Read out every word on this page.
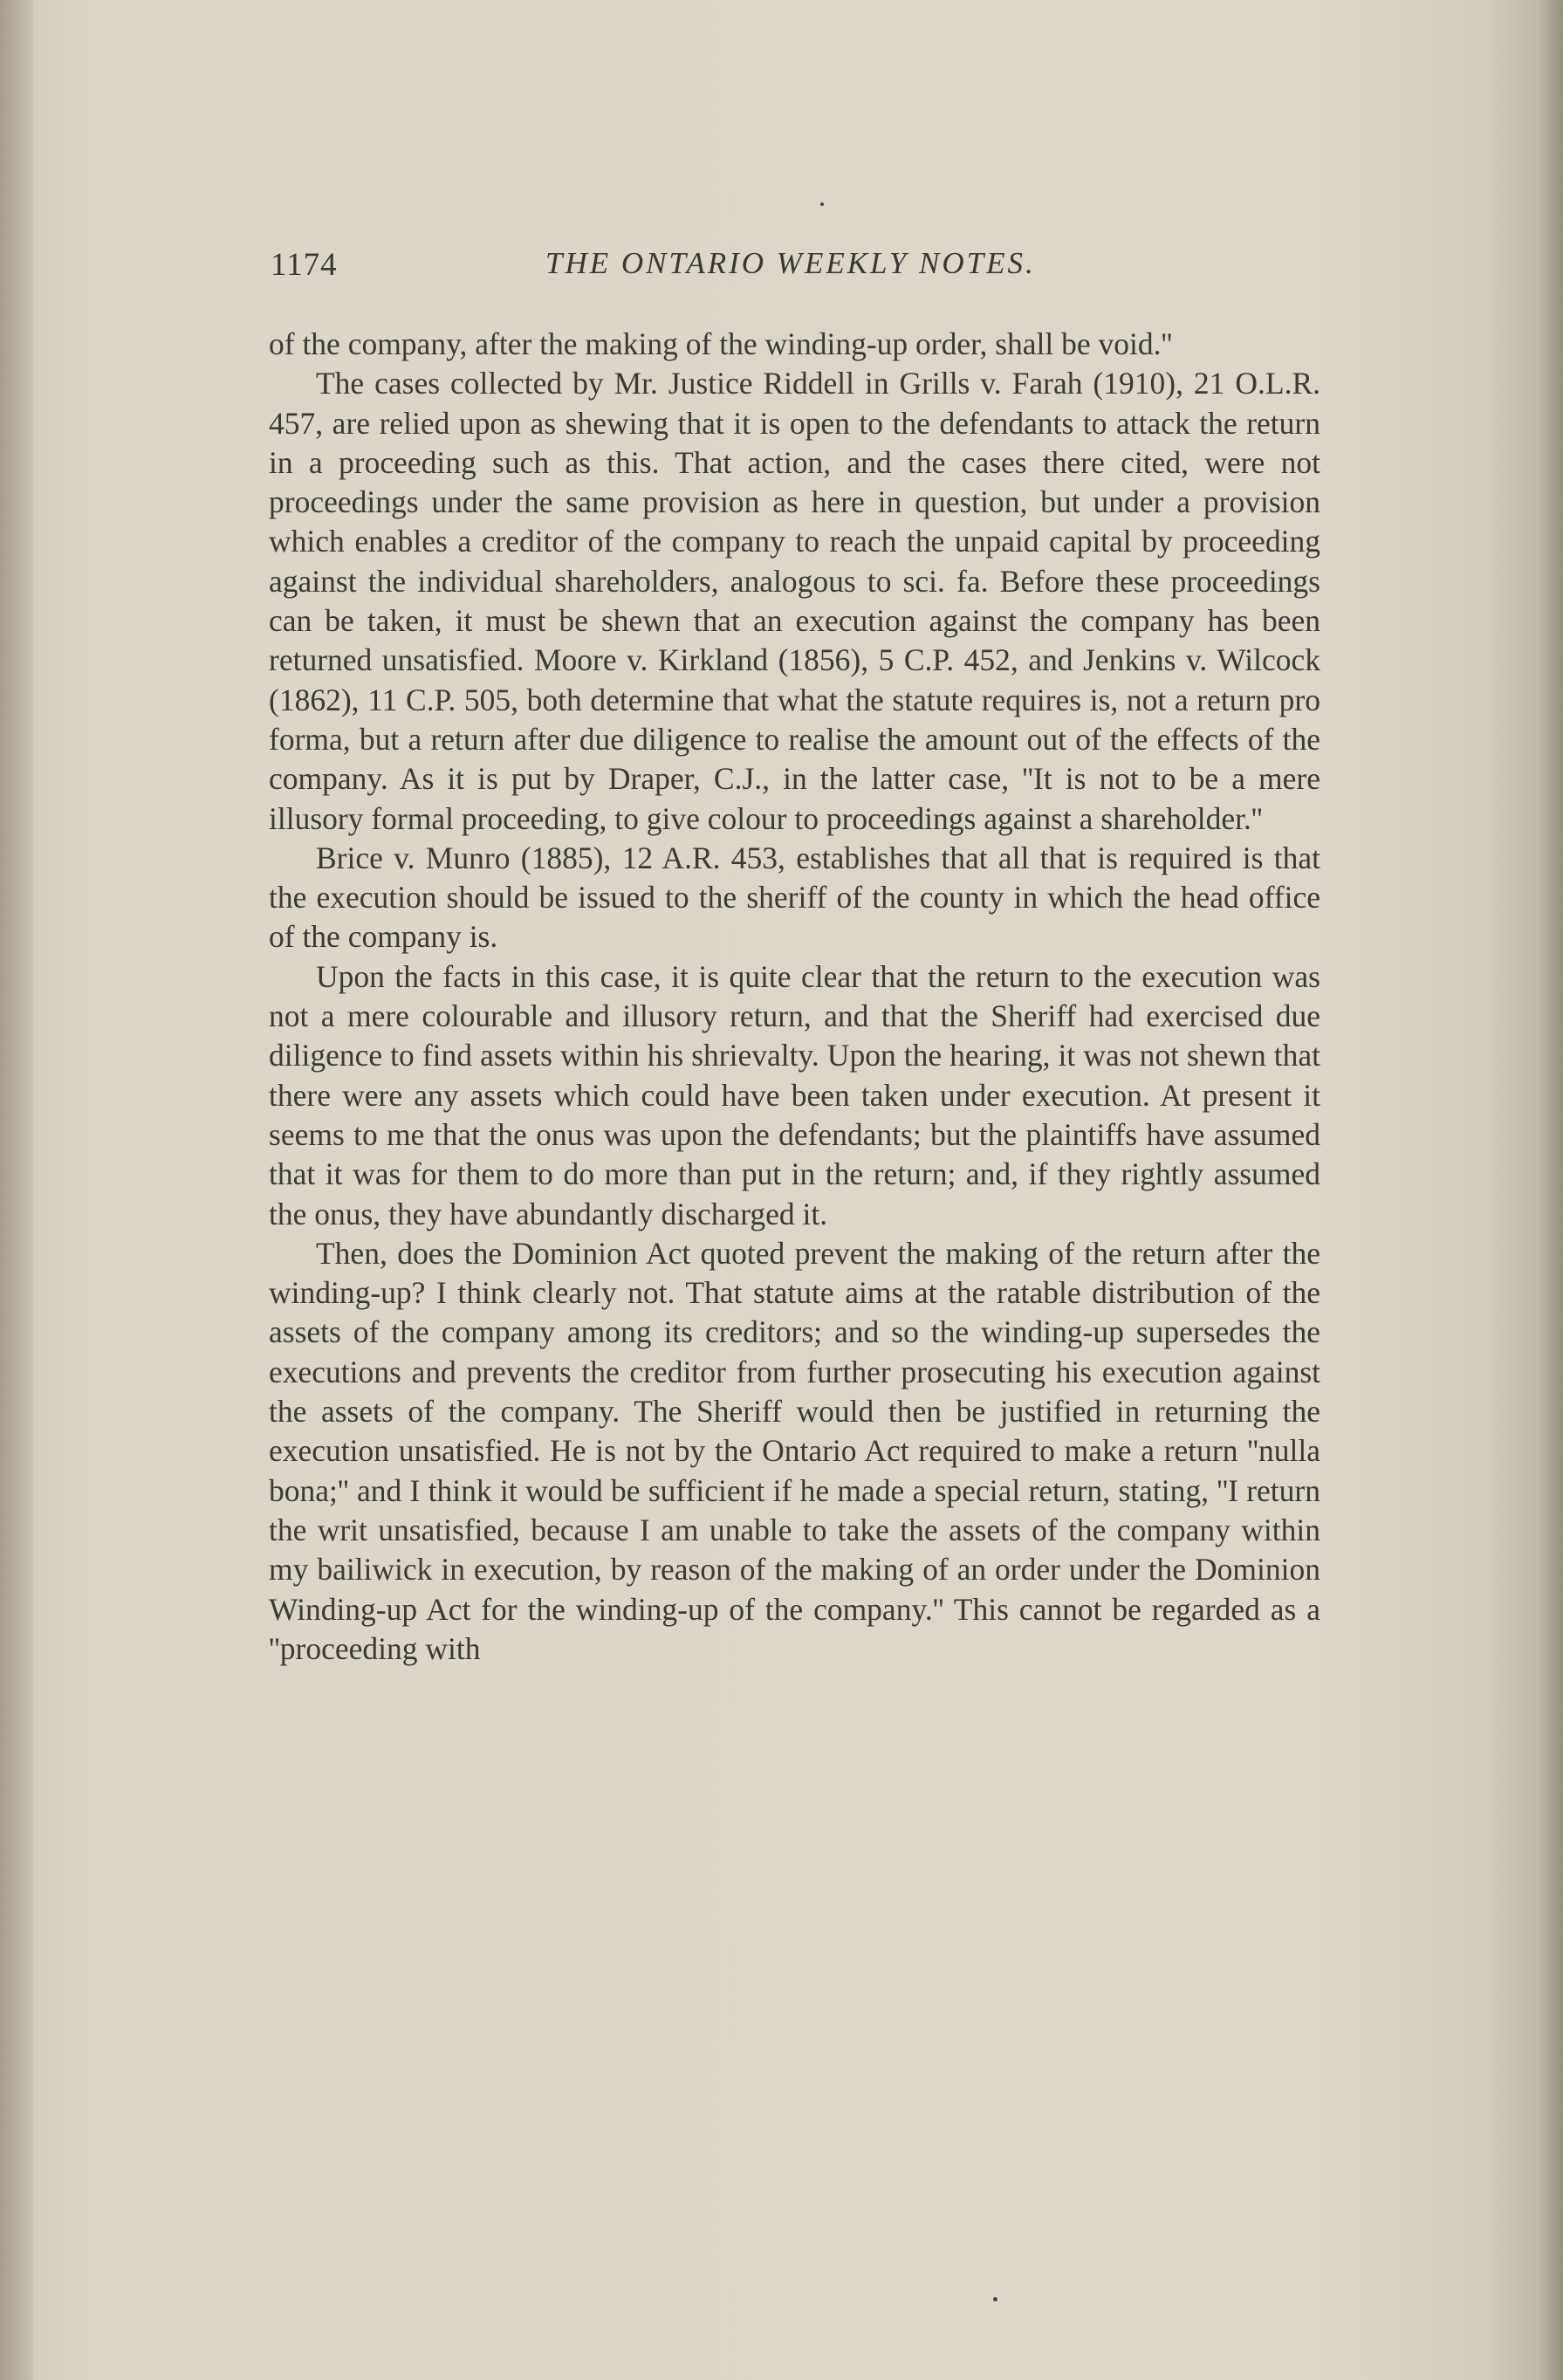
1174	THE ONTARIO WEEKLY NOTES.

of the company, after the making of the winding-up order, shall be void.''

The cases collected by Mr. Justice Riddell in Grills v. Farah (1910), 21 O.L.R. 457, are relied upon as shewing that it is open to the defendants to attack the return in a proceeding such as this. That action, and the cases there cited, were not proceedings under the same provision as here in question, but under a provision which enables a creditor of the company to reach the unpaid capital by proceeding against the individual shareholders, analogous to sci. fa. Before these proceedings can be taken, it must be shewn that an execution against the company has been returned unsatisfied. Moore v. Kirkland (1856), 5 C.P. 452, and Jenkins v. Wilcock (1862), 11 C.P. 505, both determine that what the statute requires is, not a return pro forma, but a return after due diligence to realise the amount out of the effects of the company. As it is put by Draper, C.J., in the latter case, ''It is not to be a mere illusory formal proceeding, to give colour to proceedings against a shareholder.''

Brice v. Munro (1885), 12 A.R. 453, establishes that all that is required is that the execution should be issued to the sheriff of the county in which the head office of the company is.

Upon the facts in this case, it is quite clear that the return to the execution was not a mere colourable and illusory return, and that the Sheriff had exercised due diligence to find assets within his shrievalty. Upon the hearing, it was not shewn that there were any assets which could have been taken under execution. At present it seems to me that the onus was upon the defendants; but the plaintiffs have assumed that it was for them to do more than put in the return; and, if they rightly assumed the onus, they have abundantly discharged it.

Then, does the Dominion Act quoted prevent the making of the return after the winding-up? I think clearly not. That statute aims at the ratable distribution of the assets of the company among its creditors; and so the winding-up supersedes the executions and prevents the creditor from further prosecuting his execution against the assets of the company. The Sheriff would then be justified in returning the execution unsatisfied. He is not by the Ontario Act required to make a return ''nulla bona;'' and I think it would be sufficient if he made a special return, stating, ''I return the writ unsatisfied, because I am unable to take the assets of the company within my bailiwick in execution, by reason of the making of an order under the Dominion Winding-up Act for the winding-up of the company.'' This cannot be regarded as a ''proceeding with
